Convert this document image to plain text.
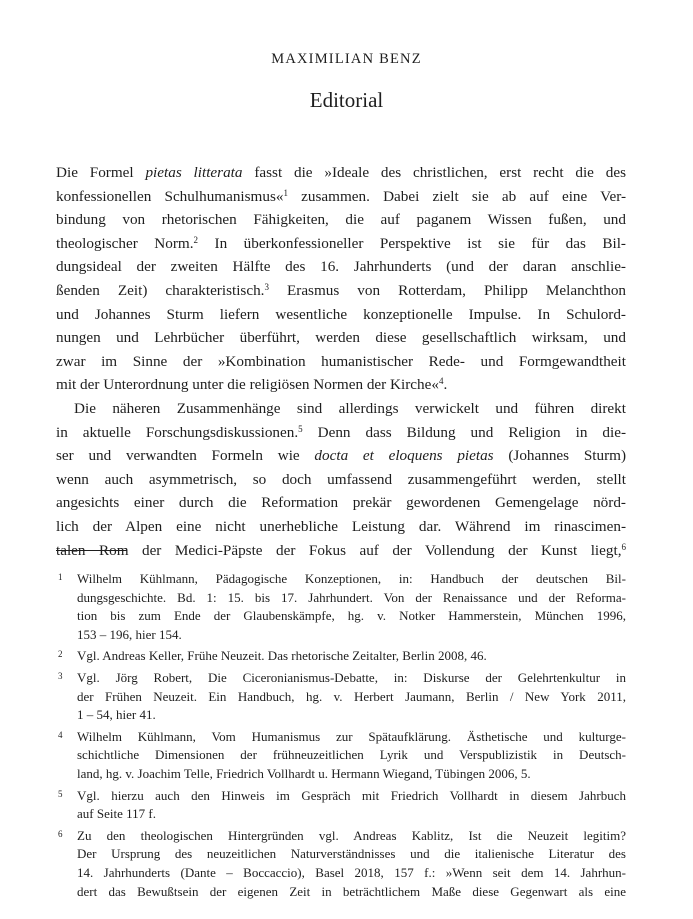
MAXIMILIAN BENZ
Editorial
Die Formel pietas litterata fasst die »Ideale des christlichen, erst recht die des
konfessionellen Schulhumanismus«$^1$ zusammen. Dabei zielt sie ab auf eine Ver-
bindung von rhetorischen Fähigkeiten, die auf paganem Wissen fußen, und
theologischer Norm.$^2$ In überkonfessioneller Perspektive ist sie für das Bil-
dungsideal der zweiten Hälfte des 16. Jahrhunderts (und der daran anschlie-
ßenden Zeit) charakteristisch.$^3$ Erasmus von Rotterdam, Philipp Melanchthon
und Johannes Sturm liefern wesentliche konzeptionelle Impulse. In Schulord-
nungen und Lehrbücher überführt, werden diese gesellschaftlich wirksam, und
zwar im Sinne der »Kombination humanistischer Rede- und Formgewandtheit
mit der Unterordnung unter die religiösen Normen der Kirche«$^4$.
Die näheren Zusammenhänge sind allerdings verwickelt und führen direkt
in aktuelle Forschungsdiskussionen.$^5$ Denn dass Bildung und Religion in die-
ser und verwandten Formeln wie docta et eloquens pietas (Johannes Sturm)
wenn auch asymmetrisch, so doch umfassend zusammengeführt werden, stellt
angesichts einer durch die Reformation prekär gewordenen Gemengelage nörd-
lich der Alpen eine nicht unerhebliche Leistung dar. Während im rinascimen-
talen Rom der Medici-Päpste der Fokus auf der Vollendung der Kunst liegt,$^6$
1 Wilhelm Kühlmann, Pädagogische Konzeptionen, in: Handbuch der deutschen Bil-
dungsgeschichte. Bd. 1: 15. bis 17. Jahrhundert. Von der Renaissance und der Reforma-
tion bis zum Ende der Glaubenskämpfe, hg. v. Notker Hammerstein, München 1996,
153 – 196, hier 154.
2 Vgl. Andreas Keller, Frühe Neuzeit. Das rhetorische Zeitalter, Berlin 2008, 46.
3 Vgl. Jörg Robert, Die Ciceronianismus-Debatte, in: Diskurse der Gelehrtenkultur in
der Frühen Neuzeit. Ein Handbuch, hg. v. Herbert Jaumann, Berlin / New York 2011,
1 – 54, hier 41.
4 Wilhelm Kühlmann, Vom Humanismus zur Spätaufklärung. Ästhetische und kulturge-
schichtliche Dimensionen der frühneuzeitlichen Lyrik und Verspublizistik in Deutsch-
land, hg. v. Joachim Telle, Friedrich Vollhardt u. Hermann Wiegand, Tübingen 2006, 5.
5 Vgl. hierzu auch den Hinweis im Gespräch mit Friedrich Vollhardt in diesem Jahrbuch
auf Seite 117 f.
6 Zu den theologischen Hintergründen vgl. Andreas Kablitz, Ist die Neuzeit legitim?
Der Ursprung des neuzeitlichen Naturverständnisses und die italienische Literatur des
14. Jahrhunderts (Dante – Boccaccio), Basel 2018, 157 f.: »Wenn seit dem 14. Jahrhun-
dert das Bewußtsein der eigenen Zeit in beträchtlichem Maße diese Gegenwart als eine
